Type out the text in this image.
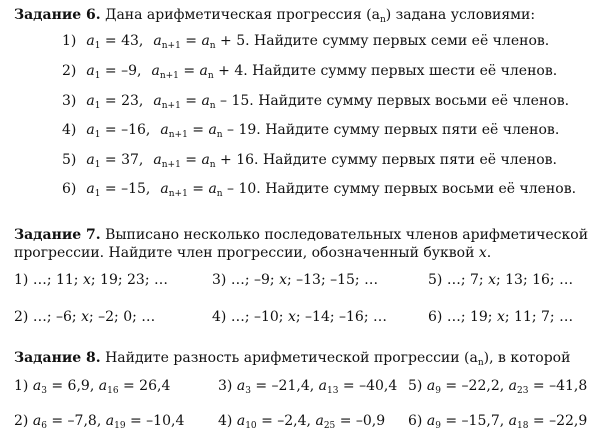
Задание 6. Дана арифметическая прогрессия $(a_n)$ задана условиями:
1) $a_1 = 43$, $a_{n+1} = a_n + 5$. Найдите сумму первых семи её членов.
2) $a_1 = -9$, $a_{n+1} = a_n + 4$. Найдите сумму первых шести её членов.
3) $a_1 = 23$, $a_{n+1} = a_n - 15$. Найдите сумму первых восьми её членов.
4) $a_1 = -16$, $a_{n+1} = a_n - 19$. Найдите сумму первых пяти её членов.
5) $a_1 = 37$, $a_{n+1} = a_n + 16$. Найдите сумму первых пяти её членов.
6) $a_1 = -15$, $a_{n+1} = a_n - 10$. Найдите сумму первых восьми её членов.
Задание 7. Выписано несколько последовательных членов арифметической
прогрессии. Найдите член прогрессии, обозначенный буквой x.
1) …; 11; x; 19; 23; …	3) …; –9; x; –13; –15; …	5) …; 7; x; 13; 16; …
2) …; –6; x; –2; 0; …	4) …; –10; x; –14; –16; …	6) …; 19; x; 11; 7; …
Задание 8. Найдите разность арифметической прогрессии $(a_n)$, в которой
1) $a_3 = 6,9$, $a_{16} = 26,4$	3) $a_3 = -21,4$, $a_{13} = -40,4$ 5) $a_9 = -22,2$, $a_{23} = -41,8$
2) $a_6 = -7,8$, $a_{19} = -10,4$ 4) $a_{10} = -2,4$, $a_{25} = -0,9$ 6) $a_9 = -15,7$, $a_{18} = -22,9$
